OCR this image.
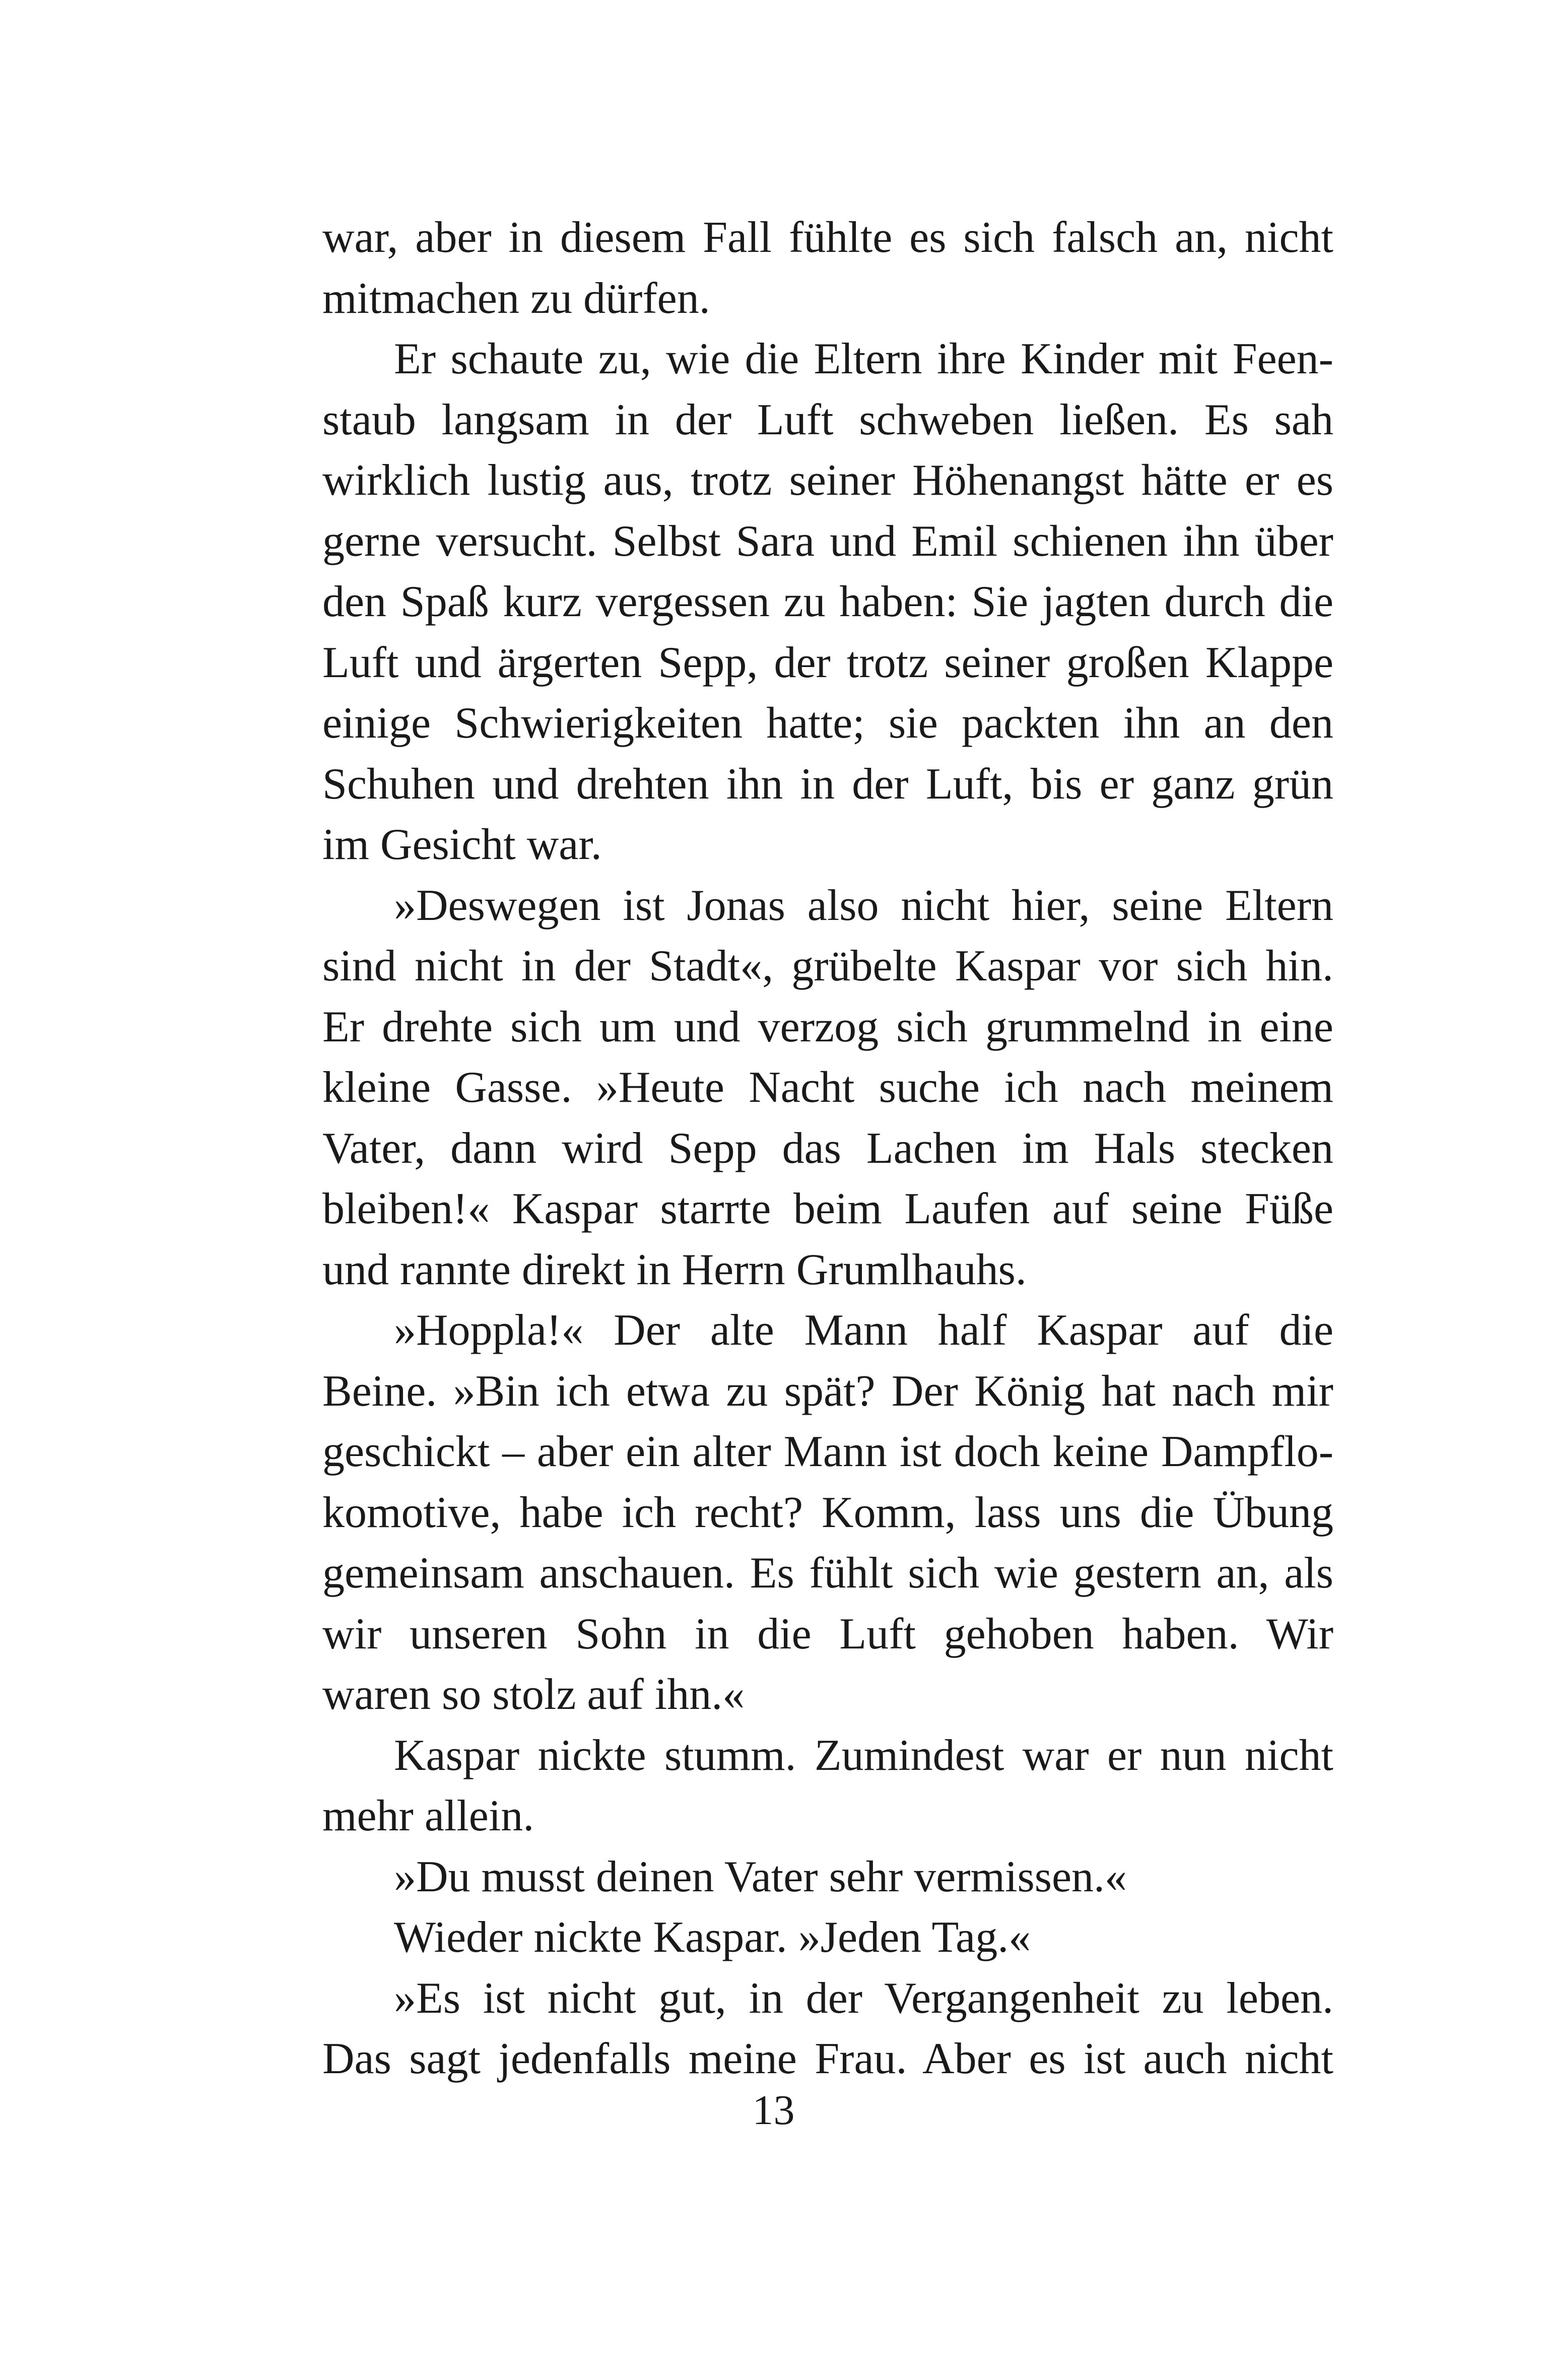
war, aber in diesem Fall fühlte es sich falsch an, nicht
mitmachen zu dürfen.
Er schaute zu, wie die Eltern ihre Kinder mit Feen-
staub langsam in der Luft schweben ließen. Es sah
wirklich lustig aus, trotz seiner Höhenangst hätte er es
gerne versucht. Selbst Sara und Emil schienen ihn über
den Spaß kurz vergessen zu haben: Sie jagten durch die
Luft und ärgerten Sepp, der trotz seiner großen Klappe
einige Schwierigkeiten hatte; sie packten ihn an den
Schuhen und drehten ihn in der Luft, bis er ganz grün
im Gesicht war.
»Deswegen ist Jonas also nicht hier, seine Eltern
sind nicht in der Stadt«, grübelte Kaspar vor sich hin.
Er drehte sich um und verzog sich grummelnd in eine
kleine Gasse. »Heute Nacht suche ich nach meinem
Vater, dann wird Sepp das Lachen im Hals stecken
bleiben!« Kaspar starrte beim Laufen auf seine Füße
und rannte direkt in Herrn Grumlhauhs.
»Hoppla!« Der alte Mann half Kaspar auf die
Beine. »Bin ich etwa zu spät? Der König hat nach mir
geschickt – aber ein alter Mann ist doch keine Dampflo-
komotive, habe ich recht? Komm, lass uns die Übung
gemeinsam anschauen. Es fühlt sich wie gestern an, als
wir unseren Sohn in die Luft gehoben haben. Wir
waren so stolz auf ihn.«
Kaspar nickte stumm. Zumindest war er nun nicht
mehr allein.
»Du musst deinen Vater sehr vermissen.«
Wieder nickte Kaspar. »Jeden Tag.«
»Es ist nicht gut, in der Vergangenheit zu leben.
Das sagt jedenfalls meine Frau. Aber es ist auch nicht
13
